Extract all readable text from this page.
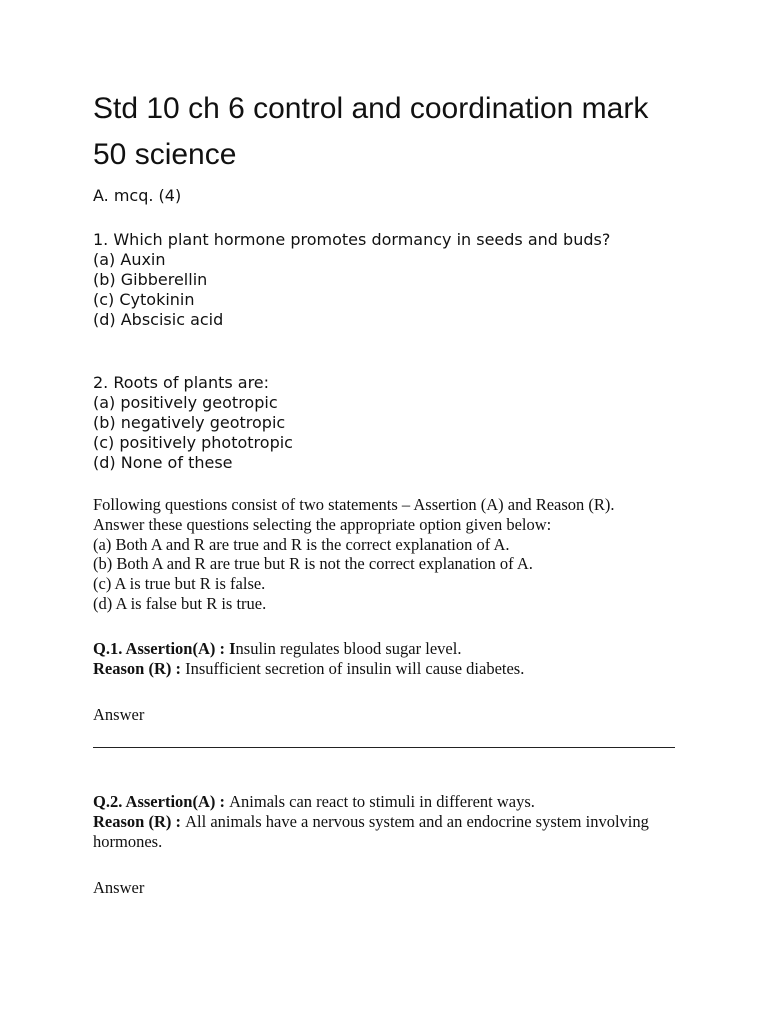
Std 10 ch 6 control and coordination mark 50 science
A. mcq. (4)
1. Which plant hormone promotes dormancy in seeds and buds?
(a) Auxin
(b) Gibberellin
(c) Cytokinin
(d) Abscisic acid
2. Roots of plants are:
(a) positively geotropic
(b) negatively geotropic
(c) positively phototropic
(d) None of these
Following questions consist of two statements – Assertion (A) and Reason (R).
Answer these questions selecting the appropriate option given below:
(a) Both A and R are true and R is the correct explanation of A.
(b) Both A and R are true but R is not the correct explanation of A.
(c) A is true but R is false.
(d) A is false but R is true.
Q.1. Assertion(A) : Insulin regulates blood sugar level.
Reason (R) : Insufficient secretion of insulin will cause diabetes.
Answer
Q.2. Assertion(A) : Animals can react to stimuli in different ways.
Reason (R) : All animals have a nervous system and an endocrine system involving hormones.
Answer
